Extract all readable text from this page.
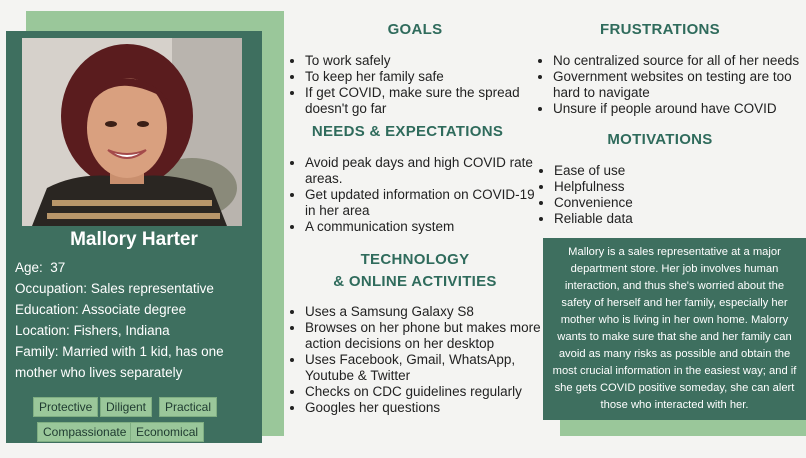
Mallory Harter
Age: 37
Occupation: Sales representative
Education: Associate degree
Location: Fishers, Indiana
Family: Married with 1 kid, has one mother who lives separately
Protective	Diligent	Practical
Compassionate Economical
GOALS
• To work safely
• To keep her family safe
• If get COVID, make sure the spread doesn't go far
NEEDS & EXPECTATIONS
• Avoid peak days and high COVID rate areas.
• Get updated information on COVID-19 in her area
• A communication system
TECHNOLOGY
& ONLINE ACTIVITIES
• Uses a Samsung Galaxy S8
• Browses on her phone but makes more action decisions on her desktop
• Uses Facebook, Gmail, WhatsApp, Youtube & Twitter
• Checks on CDC guidelines regularly
• Googles her questions
FRUSTRATIONS
• No centralized source for all of her needs
• Government websites on testing are too hard to navigate
• Unsure if people around have COVID
MOTIVATIONS
• Ease of use
• Helpfulness
• Convenience
• Reliable data
Mallory is a sales representative at a major department store. Her job involves human interaction, and thus she's worried about the safety of herself and her family, especially her mother who is living in her own home. Malorry wants to make sure that she and her family can avoid as many risks as possible and obtain the most crucial information in the easiest way; and if she gets COVID positive someday, she can alert those who interacted with her.
